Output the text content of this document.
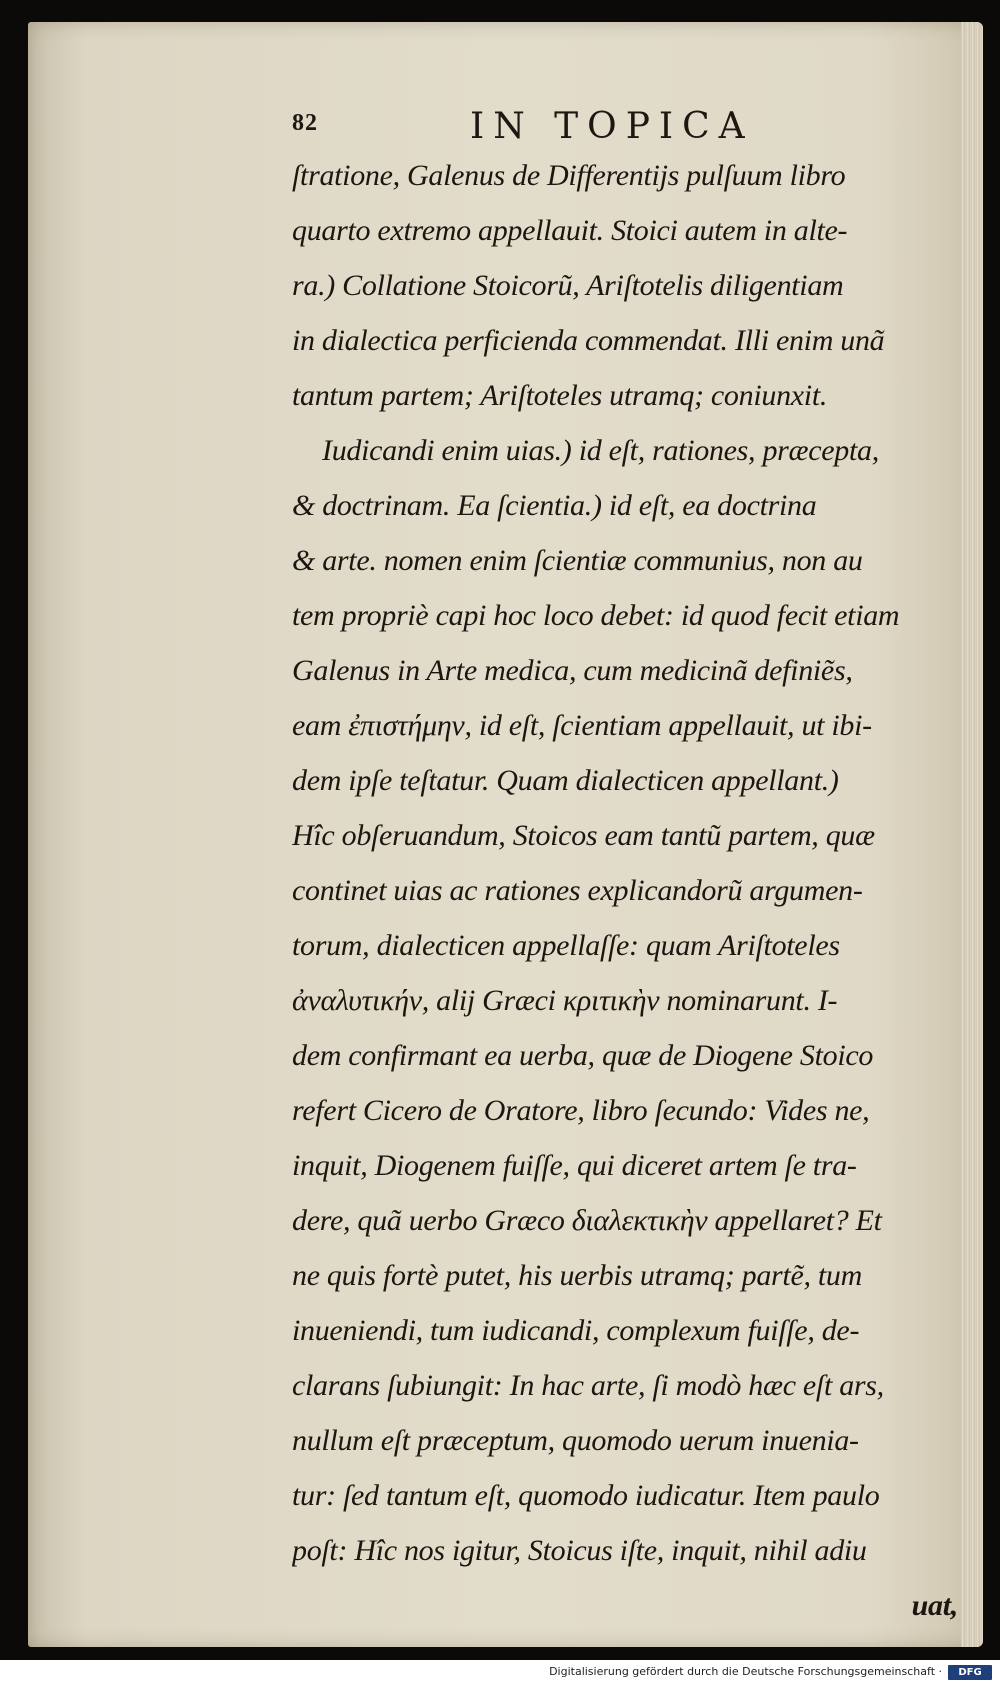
82	IN TOPICA
ſtratione, Galenus de Differentijs pulſuum libro
quarto extremo appellauit. Stoici autem in alte-
ra.) Collatione Stoicorũ, Ariſtotelis diligentiam
in dialectica perficienda commendat. Illi enim unã
tantum partem; Ariſtoteles utramq; coniunxit.
Iudicandi enim uias.) id eſt, rationes, præcepta,
& doctrinam. Ea ſcientia.) id eſt, ea doctrina
& arte. nomen enim ſcientiæ communius, non au
tem propriè capi hoc loco debet: id quod fecit etiam
Galenus in Arte medica, cum medicinã definiẽs,
eam ἐπιστήμην, id eſt, ſcientiam appellauit, ut ibi-
dem ipſe teſtatur. Quam dialecticen appellant.)
Hîc obſeruandum, Stoicos eam tantũ partem, quæ
continet uias ac rationes explicandorũ argumen-
torum, dialecticen appellaſſe: quam Ariſtoteles
ἀναλυτικήν, alij Græci κριτικὴν nominarunt. I-
dem confirmant ea uerba, quæ de Diogene Stoico
refert Cicero de Oratore, libro ſecundo: Vides ne,
inquit, Diogenem fuiſſe, qui diceret artem ſe tra-
dere, quã uerbo Græco διαλεκτικὴν appellaret? Et
ne quis fortè putet, his uerbis utramq; partẽ, tum
inueniendi, tum iudicandi, complexum fuiſſe, de-
clarans ſubiungit: In hac arte, ſi modò hæc eſt ars,
nullum eſt præceptum, quomodo uerum inuenia-
tur: ſed tantum eſt, quomodo iudicatur. Item paulo
poſt: Hîc nos igitur, Stoicus iſte, inquit, nihil adiu
uat,
Digitalisierung gefördert durch die Deutsche Forschungsgemeinschaft ·	DFG
